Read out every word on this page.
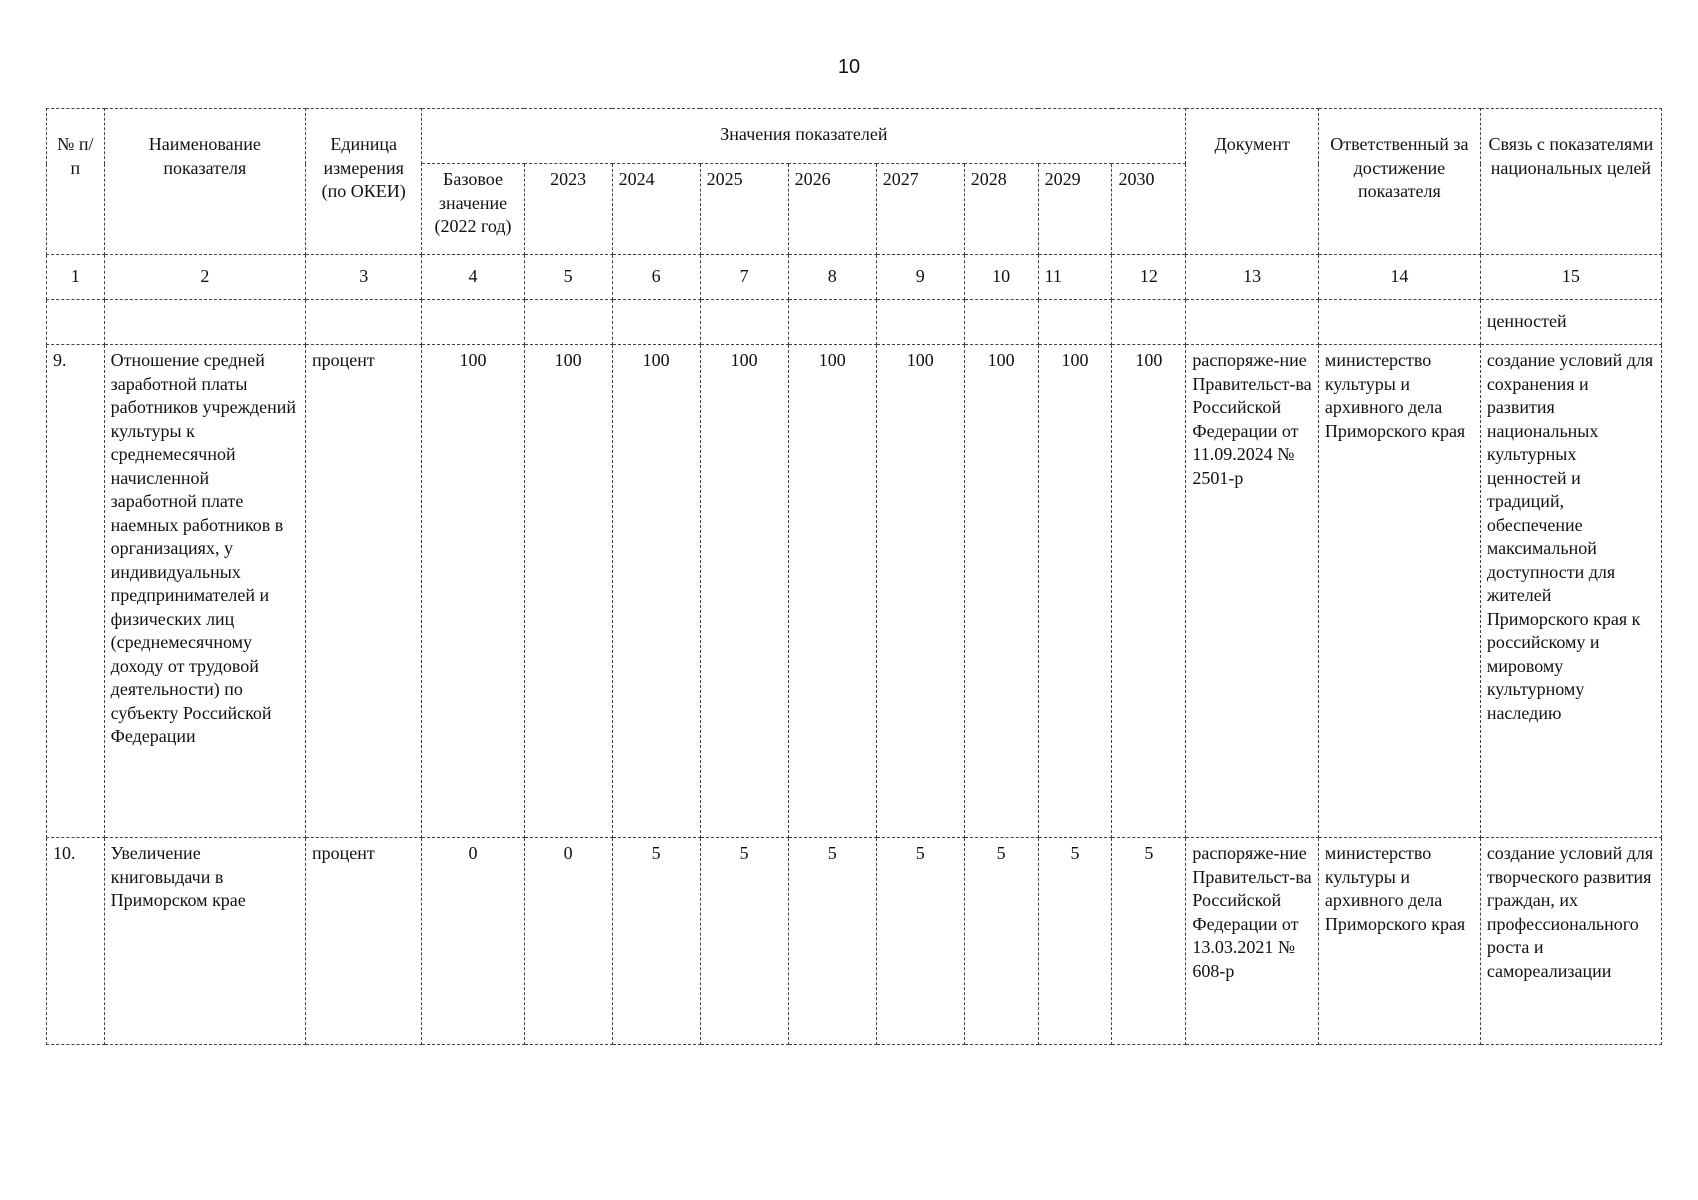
10
№ п/п	Наименование показателя	Единица измерения (по ОКЕИ)	Значения показателей									Документ	Ответственный за достижение показателя	Связь с показателями национальных целей
			Базовое значение (2022 год)	2023	2024	2025	2026	2027	2028	2029	2030			
1	2	3	4	5	6	7	8	9	10	11	12	13	14	15
														ценностей
9.	Отношение средней заработной платы работников учреждений культуры к среднемесячной начисленной заработной плате наемных работников в организациях, у индивидуальных предпринимателей и физических лиц (среднемесячному доходу от трудовой деятельности) по субъекту Российской Федерации	процент	100	100	100	100	100	100	100	100	100	распоряже-ние Правительст-ва Российской Федерации от 11.09.2024 № 2501-р	министерство культуры и архивного дела Приморского края	создание условий для сохранения и развития национальных культурных ценностей и традиций, обеспечение максимальной доступности для жителей Приморского края к российскому и мировому культурному наследию
10.	Увеличение книговыдачи в Приморском крае	процент	0	0	5	5	5	5	5	5	5	распоряже-ние Правительст-ва Российской Федерации от 13.03.2021 № 608-р	министерство культуры и архивного дела Приморского края	создание условий для творческого развития граждан, их профессионального роста и самореализации
